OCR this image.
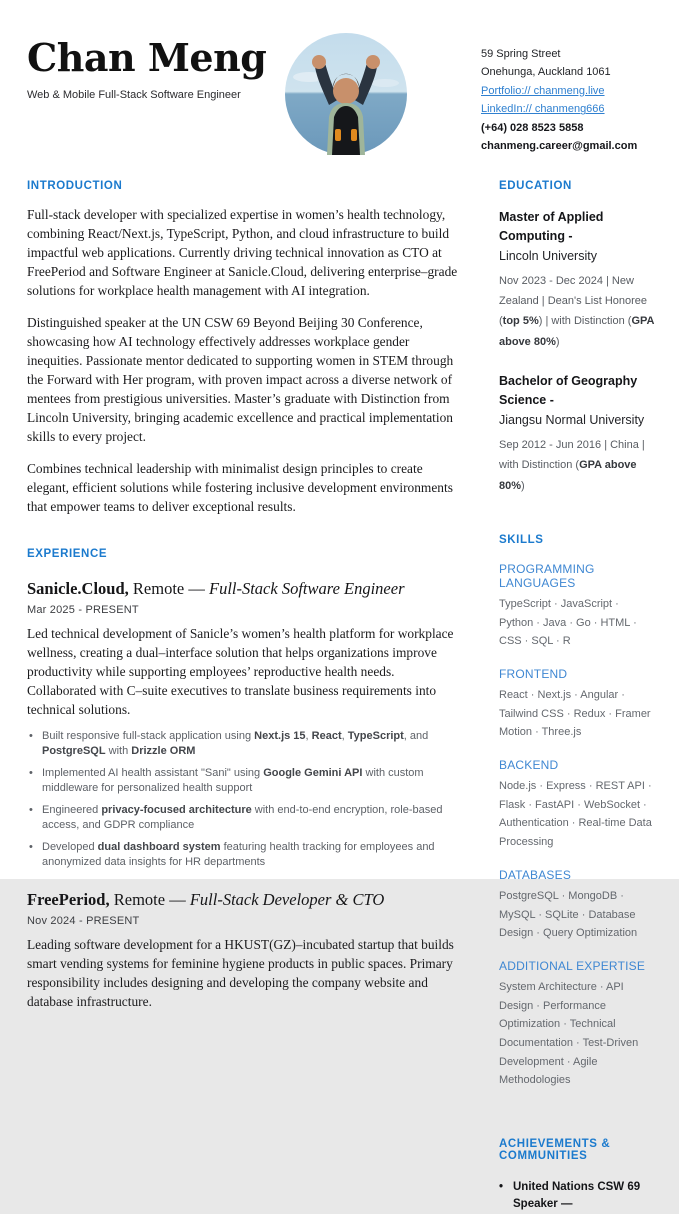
Chan Meng
Web & Mobile Full-Stack Software Engineer
59 Spring Street
Onehunga, Auckland 1061
Portfolio:// chanmeng.live
LinkedIn:// chanmeng666
(+64) 028 8523 5858
chanmeng.career@gmail.com
INTRODUCTION

Full-stack developer with specialized expertise in women’s health technology, combining React/Next.js, TypeScript, Python, and cloud infrastructure to build impactful web applications. Currently driving technical innovation as CTO at FreePeriod and Software Engineer at Sanicle.Cloud, delivering enterprise–grade solutions for workplace health management with AI integration.

Distinguished speaker at the UN CSW 69 Beyond Beijing 30 Conference, showcasing how AI technology effectively addresses workplace gender inequities. Passionate mentor dedicated to supporting women in STEM through the Forward with Her program, with proven impact across a diverse network of mentees from prestigious universities. Master’s graduate with Distinction from Lincoln University, bringing academic excellence and practical implementation skills to every project.

Combines technical leadership with minimalist design principles to create elegant, efficient solutions while fostering inclusive development environments that empower teams to deliver exceptional results.

EXPERIENCE
Sanicle.Cloud, Remote — Full-Stack Software Engineer
Mar 2025 - PRESENT

Led technical development of Sanicle’s women’s health platform for workplace wellness, creating a dual–interface solution that helps organizations improve productivity while supporting employees’ reproductive health needs. Collaborated with C–suite executives to translate business requirements into technical solutions.

• Built responsive full-stack application using Next.js 15, React, TypeScript, and PostgreSQL with Drizzle ORM
• Implemented AI health assistant "Sani" using Google Gemini API with custom middleware for personalized health support
• Engineered privacy-focused architecture with end-to-end encryption, role-based access, and GDPR compliance
• Developed dual dashboard system featuring health tracking for employees and anonymized data insights for HR departments
FreePeriod, Remote — Full-Stack Developer & CTO
Nov 2024 - PRESENT

Leading software development for a HKUST(GZ)–incubated startup that builds smart vending systems for feminine hygiene products in public spaces. Primary responsibility includes designing and developing the company website and database infrastructure.

EDUCATION
Master of Applied Computing -
Lincoln University
Nov 2023 - Dec 2024 | New Zealand | Dean's List Honoree (top 5%) | with Distinction (GPA above 80%)
Bachelor of Geography Science -
Jiangsu Normal University
Sep 2012 - Jun 2016 | China | with Distinction (GPA above 80%)
SKILLS
PROGRAMMING LANGUAGES
TypeScript · JavaScript · Python · Java · Go · HTML · CSS · SQL · R
FRONTEND
React · Next.js · Angular · Tailwind CSS · Redux · Framer Motion · Three.js
BACKEND
Node.js · Express · REST API · Flask · FastAPI · WebSocket · Authentication · Real-time Data Processing
DATABASES
PostgreSQL · MongoDB · MySQL · SQLite · Database Design · Query Optimization
ADDITIONAL EXPERTISE
System Architecture · API Design · Performance Optimization · Technical Documentation · Test-Driven Development · Agile Methodologies
ACHIEVEMENTS & COMMUNITIES
• United Nations CSW 69 Speaker —
